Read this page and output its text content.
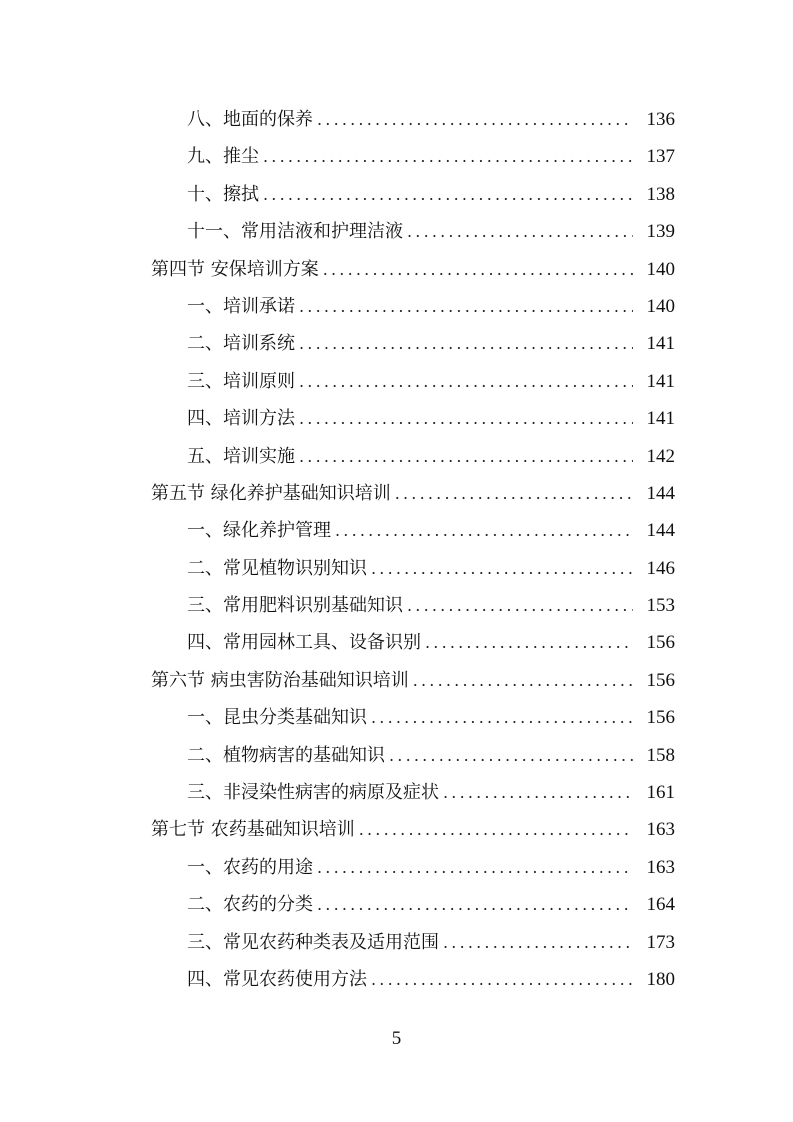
八、地面的保养 .....	136
九、推尘 .....	137
十、擦拭 .....	138
十一、常用洁液和护理洁液 .....	139
第四节 安保培训方案 .....	140
一、培训承诺 .....	140
二、培训系统 .....	141
三、培训原则 .....	141
四、培训方法 .....	141
五、培训实施 .....	142
第五节 绿化养护基础知识培训 .....	144
一、绿化养护管理 .....	144
二、常见植物识别知识 .....	146
三、常用肥料识别基础知识 .....	153
四、常用园林工具、设备识别 .....	156
第六节 病虫害防治基础知识培训 .....	156
一、昆虫分类基础知识 .....	156
二、植物病害的基础知识 .....	158
三、非浸染性病害的病原及症状 .....	161
第七节 农药基础知识培训 .....	163
一、农药的用途 .....	163
二、农药的分类 .....	164
三、常见农药种类表及适用范围 .....	173
四、常见农药使用方法 .....	180
5
